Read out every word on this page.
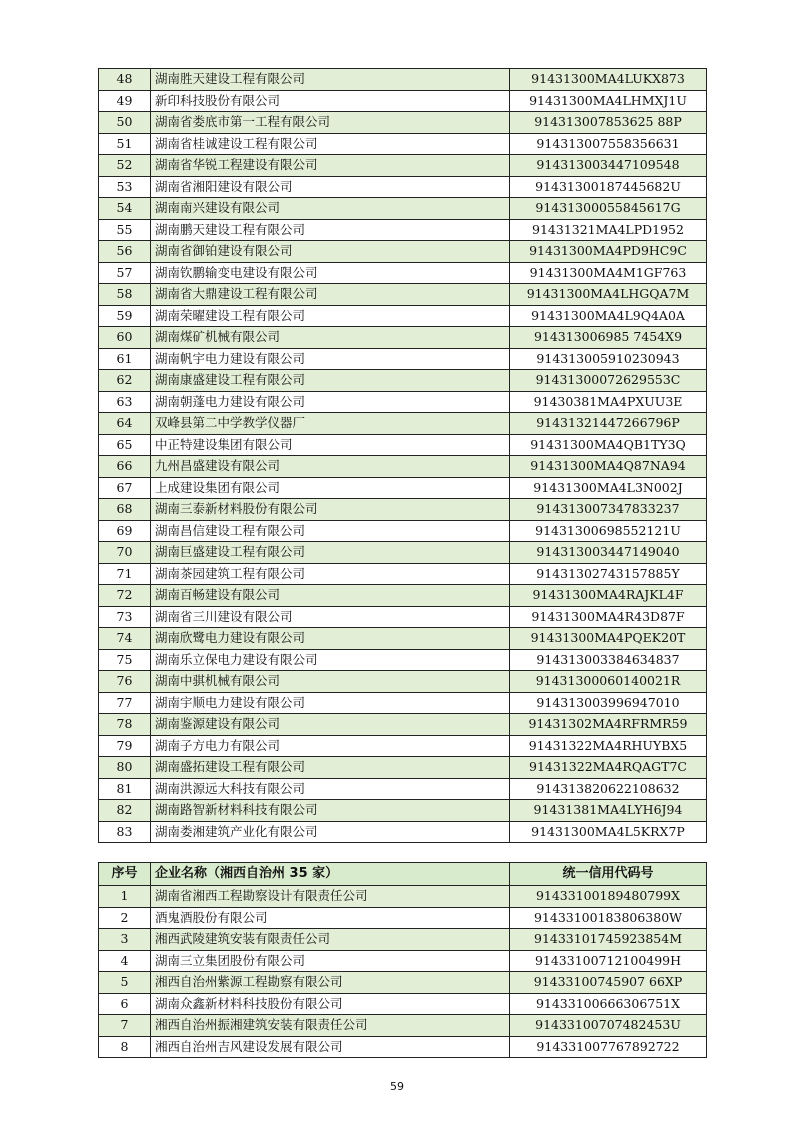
48	湖南胜天建设工程有限公司	91431300MA4LUKX873
49	新印科技股份有限公司	91431300MA4LHMXJ1U
50	湖南省娄底市第一工程有限公司	914313007853625 88P
51	湖南省桂诚建设工程有限公司	914313007558356631
52	湖南省华锐工程建设有限公司	914313003447109548
53	湖南省湘阳建设有限公司	91431300187445682U
54	湖南南兴建设有限公司	91431300055845617G
55	湖南鹏天建设工程有限公司	91431321MA4LPD1952
56	湖南省御铂建设有限公司	91431300MA4PD9HC9C
57	湖南钦鹏输变电建设有限公司	91431300MA4M1GF763
58	湖南省大鼎建设工程有限公司	91431300MA4LHGQA7M
59	湖南荣曜建设工程有限公司	91431300MA4L9Q4A0A
60	湖南煤矿机械有限公司	914313006985 7454X9
61	湖南帆宇电力建设有限公司	914313005910230943
62	湖南康盛建设工程有限公司	91431300072629553C
63	湖南朝蓬电力建设有限公司	91430381MA4PXUU3E
64	双峰县第二中学教学仪器厂	91431321447266796P
65	中正特建设集团有限公司	91431300MA4QB1TY3Q
66	九州昌盛建设有限公司	91431300MA4Q87NA94
67	上成建设集团有限公司	91431300MA4L3N002J
68	湖南三泰新材料股份有限公司	914313007347833237
69	湖南昌信建设工程有限公司	91431300698552121U
70	湖南巨盛建设工程有限公司	914313003447149040
71	湖南茶园建筑工程有限公司	91431302743157885Y
72	湖南百畅建设有限公司	91431300MA4RAJKL4F
73	湖南省三川建设有限公司	91431300MA4R43D87F
74	湖南欣鹭电力建设有限公司	91431300MA4PQEK20T
75	湖南乐立保电力建设有限公司	914313003384634837
76	湖南中骐机械有限公司	91431300060140021R
77	湖南宇顺电力建设有限公司	914313003996947010
78	湖南鉴源建设有限公司	91431302MA4RFRMR59
79	湖南子方电力有限公司	91431322MA4RHUYBX5
80	湖南盛拓建设工程有限公司	91431322MA4RQAGT7C
81	湖南洪源远大科技有限公司	914313820622108632
82	湖南路智新材料科技有限公司	91431381MA4LYH6J94
83	湖南娄湘建筑产业化有限公司	91431300MA4L5KRX7P
序号	企业名称（湘西自治州 35 家）	统一信用代码号
1	湖南省湘西工程勘察设计有限责任公司	91433100189480799X
2	酒鬼酒股份有限公司	91433100183806380W
3	湘西武陵建筑安装有限责任公司	91433101745923854M
4	湖南三立集团股份有限公司	91433100712100499H
5	湘西自治州紫源工程勘察有限公司	91433100745907 66XP
6	湖南众鑫新材料科技股份有限公司	91433100666306751X
7	湘西自治州振湘建筑安装有限责任公司	91433100707482453U
8	湘西自治州吉风建设发展有限公司	914331007767892722
59
